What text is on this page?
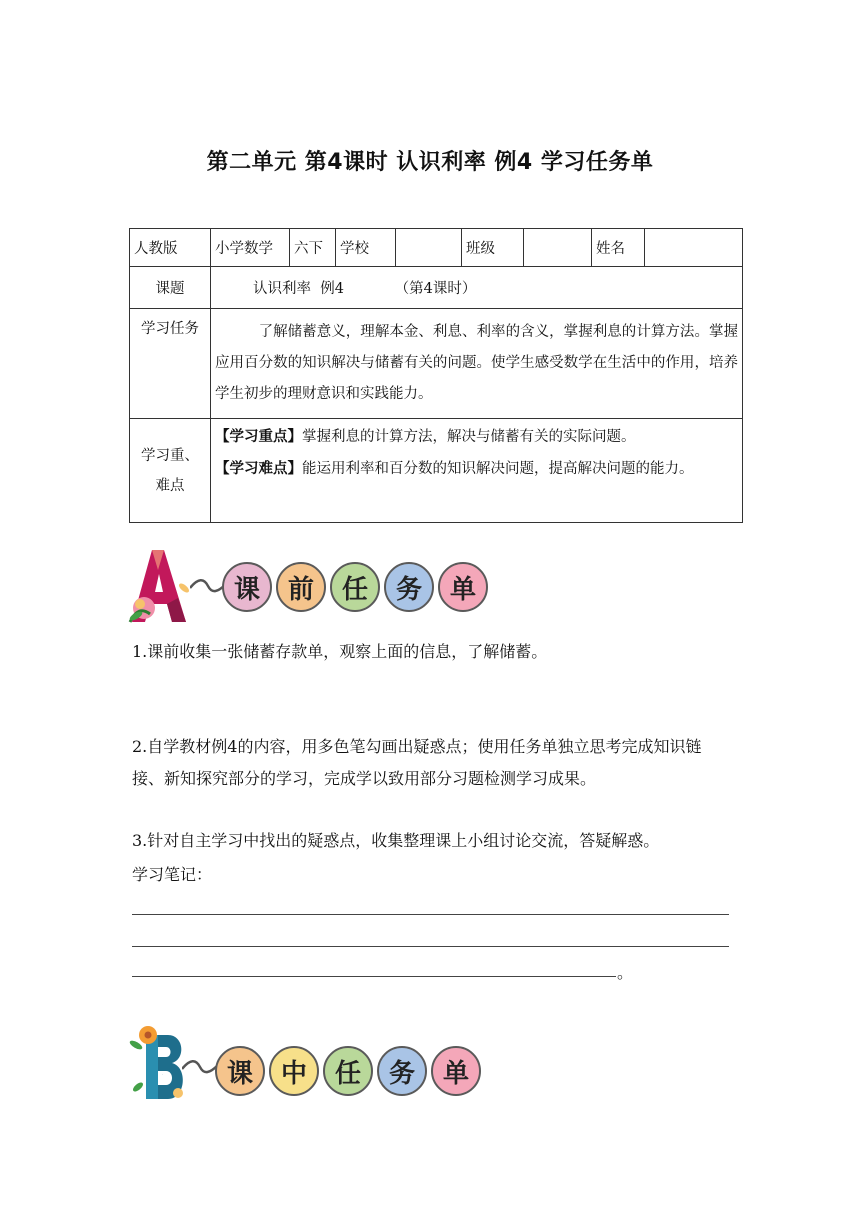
第二单元 第4课时 认识利率 例4 学习任务单
人教版	小学数学	六下	学校		班级		姓名	
课题	认识利率  例4           （第4课时）							
学习任务	　　　了解储蓄意义，理解本金、利息、利率的含义，掌握利息的计算方法。掌握应用百分数的知识解决与储蓄有关的问题。使学生感受数学在生活中的作用，培养学生初步的理财意识和实践能力。							

学习重、难点	【学习重点】掌握利息的计算方法，解决与储蓄有关的实际问题。
【学习难点】能运用利率和百分数的知识解决问题，提高解决问题的能力。							
A	课	前	任	务	单
1.课前收集一张储蓄存款单，观察上面的信息，了解储蓄。
2.自学教材例4的内容，用多色笔勾画出疑惑点；使用任务单独立思考完成知识链接、新知探究部分的学习，完成学以致用部分习题检测学习成果。
3.针对自主学习中找出的疑惑点，收集整理课上小组讨论交流，答疑解惑。
学习笔记：
。
B	课	中	任	务	单
